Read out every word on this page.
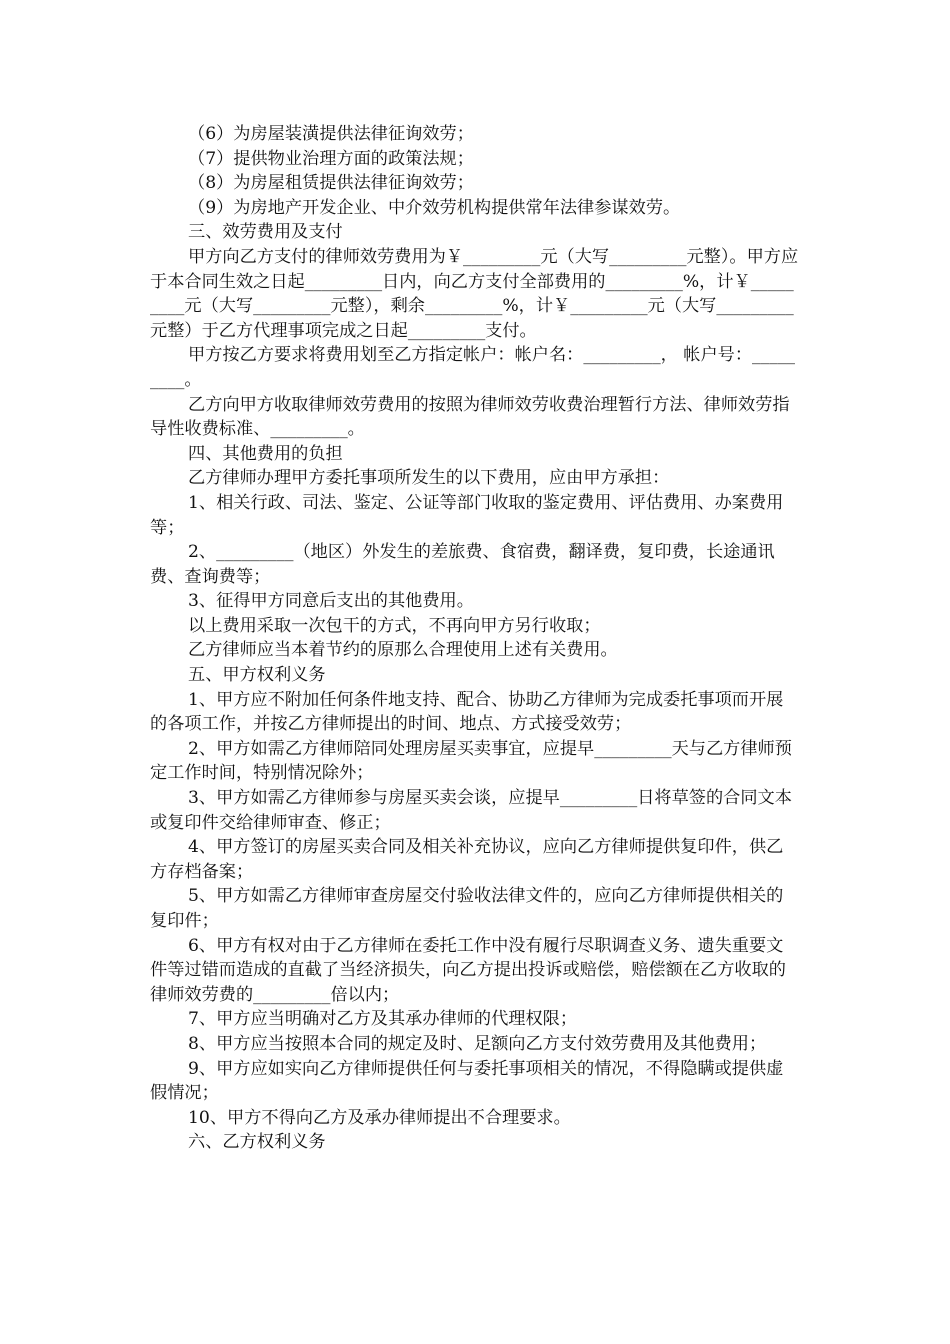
（6）为房屋装潢提供法律征询效劳；

（7）提供物业治理方面的政策法规；

（8）为房屋租赁提供法律征询效劳；

（9）为房地产开发企业、中介效劳机构提供常年法律参谋效劳。

三、效劳费用及支付

甲方向乙方支付的律师效劳费用为￥_________元（大写_________元整）。甲方应于本合同生效之日起_________日内，向乙方支付全部费用的_________%，计￥_________元（大写_________元整），剩余_________%，计￥_________元（大写_________元整）于乙方代理事项完成之日起_________支付。

甲方按乙方要求将费用划至乙方指定帐户：帐户名：_________， 帐户号：_________。

乙方向甲方收取律师效劳费用的按照为律师效劳收费治理暂行方法、律师效劳指导性收费标准、_________。

四、其他费用的负担

乙方律师办理甲方委托事项所发生的以下费用，应由甲方承担：

1、相关行政、司法、鉴定、公证等部门收取的鉴定费用、评估费用、办案费用等；

2、_________（地区）外发生的差旅费、食宿费，翻译费，复印费，长途通讯费、查询费等；

3、征得甲方同意后支出的其他费用。

以上费用采取一次包干的方式，不再向甲方另行收取；

乙方律师应当本着节约的原那么合理使用上述有关费用。

五、甲方权利义务

1、甲方应不附加任何条件地支持、配合、协助乙方律师为完成委托事项而开展的各项工作，并按乙方律师提出的时间、地点、方式接受效劳；

2、甲方如需乙方律师陪同处理房屋买卖事宜，应提早_________天与乙方律师预定工作时间，特别情况除外；

3、甲方如需乙方律师参与房屋买卖会谈，应提早_________日将草签的合同文本或复印件交给律师审查、修正；

4、甲方签订的房屋买卖合同及相关补充协议，应向乙方律师提供复印件，供乙方存档备案；

5、甲方如需乙方律师审查房屋交付验收法律文件的，应向乙方律师提供相关的复印件；

6、甲方有权对由于乙方律师在委托工作中没有履行尽职调查义务、遗失重要文件等过错而造成的直截了当经济损失，向乙方提出投诉或赔偿，赔偿额在乙方收取的律师效劳费的_________倍以内；

7、甲方应当明确对乙方及其承办律师的代理权限；

8、甲方应当按照本合同的规定及时、足额向乙方支付效劳费用及其他费用；

9、甲方应如实向乙方律师提供任何与委托事项相关的情况，不得隐瞒或提供虚假情况；

10、甲方不得向乙方及承办律师提出不合理要求。

六、乙方权利义务
